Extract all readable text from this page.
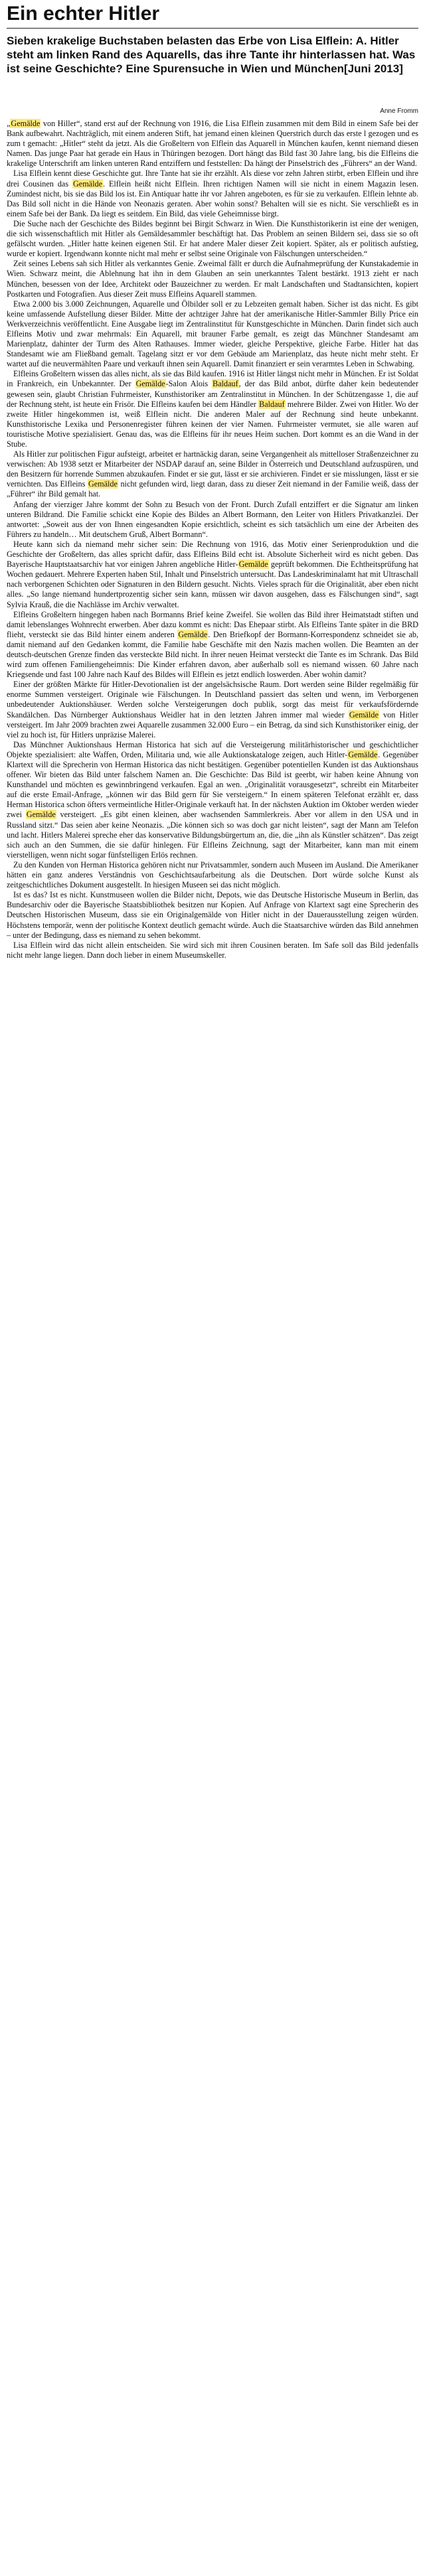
Ein echter Hitler

Sieben krakelige Buchstaben belasten das Erbe von Lisa Elflein: A. Hitler steht am linken Rand des Aquarells, das ihre Tante ihr hinterlassen hat. Was ist seine Geschichte? Eine Spurensuche in Wien und München[Juni 2013]

Anne Fromm

„Gemälde von Hiller“, stand erst auf der Rechnung von 1916, die Lisa Elflein zusammen mit dem Bild in einem Safe bei der Bank aufbewahrt. Nachträglich, mit einem anderen Stift, hat jemand einen kleinen Querstrich durch das erste l gezogen und es zum t gemacht: „Hitler“ steht da jetzt. Als die Großeltern von Elflein das Aquarell in München kaufen, kennt niemand diesen Namen. Das junge Paar hat gerade ein Haus in Thüringen bezogen. Dort hängt das Bild fast 30 Jahre lang, bis die Elfleins die krakelige Unterschrift am linken unteren Rand entziffern und feststellen: Da hängt der Pinselstrich des „Führers“ an der Wand.

Lisa Elflein kennt diese Geschichte gut. Ihre Tante hat sie ihr erzählt. Als diese vor zehn Jahren stirbt, erben Elflein und ihre drei Cousinen das Gemälde. Elflein heißt nicht Elflein. Ihren richtigen Namen will sie nicht in einem Magazin lesen. Zumindest nicht, bis sie das Bild los ist. Ein Antiquar hatte ihr vor Jahren angeboten, es für sie zu verkaufen. Elflein lehnte ab. Das Bild soll nicht in die Hände von Neonazis geraten. Aber wohin sonst? Behalten will sie es nicht. Sie verschließt es in einem Safe bei der Bank. Da liegt es seitdem. Ein Bild, das viele Geheimnisse birgt.

Die Suche nach der Geschichte des Bildes beginnt bei Birgit Schwarz in Wien. Die Kunsthistorikerin ist eine der wenigen, die sich wissenschaftlich mit Hitler als Gemäldesammler beschäftigt hat. Das Problem an seinen Bildern sei, dass sie so oft gefälscht wurden. „Hitler hatte keinen eigenen Stil. Er hat andere Maler dieser Zeit kopiert. Später, als er politisch aufstieg, wurde er kopiert. Irgendwann konnte nicht mal mehr er selbst seine Originale von Fälschungen unterscheiden.“

Zeit seines Lebens sah sich Hitler als verkanntes Genie. Zweimal fällt er durch die Aufnahmeprüfung der Kunstakademie in Wien. Schwarz meint, die Ablehnung hat ihn in dem Glauben an sein unerkanntes Talent bestärkt. 1913 zieht er nach München, besessen von der Idee, Architekt oder Bauzeichner zu werden. Er malt Landschaften und Stadtansichten, kopiert Postkarten und Fotografien. Aus dieser Zeit muss Elfleins Aquarell stammen.

Etwa 2.000 bis 3.000 Zeichnungen, Aquarelle und Ölbilder soll er zu Lebzeiten gemalt haben. Sicher ist das nicht. Es gibt keine umfassende Aufstellung dieser Bilder. Mitte der achtziger Jahre hat der amerikanische Hitler-Sammler Billy Price ein Werkverzeichnis veröffentlicht. Eine Ausgabe liegt im Zentralinstitut für Kunstgeschichte in München. Darin findet sich auch Elfleins Motiv und zwar mehrmals: Ein Aquarell, mit brauner Farbe gemalt, es zeigt das Münchner Standesamt am Marienplatz, dahinter der Turm des Alten Rathauses. Immer wieder, gleiche Perspektive, gleiche Farbe. Hitler hat das Standesamt wie am Fließband gemalt. Tagelang sitzt er vor dem Gebäude am Marienplatz, das heute nicht mehr steht. Er wartet auf die neuvermählten Paare und verkauft ihnen sein Aquarell. Damit finanziert er sein verarmtes Leben in Schwabing.

Elfleins Großeltern wissen das alles nicht, als sie das Bild kaufen. 1916 ist Hitler längst nicht mehr in München. Er ist Soldat in Frankreich, ein Unbekannter. Der Gemälde-Salon Alois Baldauf, der das Bild anbot, dürfte daher kein bedeutender gewesen sein, glaubt Christian Fuhrmeister, Kunsthistoriker am Zentralinstitut in München. In der Schützengasse 1, die auf der Rechnung steht, ist heute ein Frisör. Die Elfleins kaufen bei dem Händler Baldauf mehrere Bilder. Zwei von Hitler. Wo der zweite Hitler hingekommen ist, weiß Elflein nicht. Die anderen Maler auf der Rechnung sind heute unbekannt. Kunsthistorische Lexika und Personenregister führen keinen der vier Namen. Fuhrmeister vermutet, sie alle waren auf touristische Motive spezialisiert. Genau das, was die Elfleins für ihr neues Heim suchen. Dort kommt es an die Wand in der Stube.

Als Hitler zur politischen Figur aufsteigt, arbeitet er hartnäckig daran, seine Vergangenheit als mittelloser Straßenzeichner zu verwischen: Ab 1938 setzt er Mitarbeiter der NSDAP darauf an, seine Bilder in Österreich und Deutschland aufzuspüren, und den Besitzern für horrende Summen abzukaufen. Findet er sie gut, lässt er sie archivieren. Findet er sie misslungen, lässt er sie vernichten. Das Elfleins Gemälde nicht gefunden wird, liegt daran, dass zu dieser Zeit niemand in der Familie weiß, dass der „Führer“ ihr Bild gemalt hat.

Anfang der vierziger Jahre kommt der Sohn zu Besuch von der Front. Durch Zufall entziffert er die Signatur am linken unteren Bildrand. Die Familie schickt eine Kopie des Bildes an Albert Bormann, den Leiter von Hitlers Privatkanzlei. Der antwortet: „Soweit aus der von Ihnen eingesandten Kopie ersichtlich, scheint es sich tatsächlich um eine der Arbeiten des Führers zu handeln… Mit deutschem Gruß, Albert Bormann“.

Heute kann sich da niemand mehr sicher sein: Die Rechnung von 1916, das Motiv einer Serienproduktion und die Geschichte der Großeltern, das alles spricht dafür, dass Elfleins Bild echt ist. Absolute Sicherheit wird es nicht geben. Das Bayerische Hauptstaatsarchiv hat vor einigen Jahren angebliche Hitler-Gemälde geprüft bekommen. Die Echtheitsprüfung hat Wochen gedauert. Mehrere Experten haben Stil, Inhalt und Pinselstrich untersucht. Das Landeskriminalamt hat mit Ultraschall nach verborgenen Schichten oder Signaturen in den Bildern gesucht. Nichts. Vieles sprach für die Originalität, aber eben nicht alles. „So lange niemand hundertprozentig sicher sein kann, müssen wir davon ausgehen, dass es Fälschungen sind“, sagt Sylvia Krauß, die die Nachlässe im Archiv verwaltet.

Elfleins Großeltern hingegen haben nach Bormanns Brief keine Zweifel. Sie wollen das Bild ihrer Heimatstadt stiften und damit lebenslanges Wohnrecht erwerben. Aber dazu kommt es nicht: Das Ehepaar stirbt. Als Elfleins Tante später in die BRD flieht, versteckt sie das Bild hinter einem anderen Gemälde. Den Briefkopf der Bormann-Korrespondenz schneidet sie ab, damit niemand auf den Gedanken kommt, die Familie habe Geschäfte mit den Nazis machen wollen. Die Beamten an der deutsch-deutschen Grenze finden das versteckte Bild nicht. In ihrer neuen Heimat versteckt die Tante es im Schrank. Das Bild wird zum offenen Familiengeheimnis: Die Kinder erfahren davon, aber außerhalb soll es niemand wissen. 60 Jahre nach Kriegsende und fast 100 Jahre nach Kauf des Bildes will Elflein es jetzt endlich loswerden. Aber wohin damit?

Einer der größten Märkte für Hitler-Devotionalien ist der angelsächsische Raum. Dort werden seine Bilder regelmäßig für enorme Summen versteigert. Originale wie Fälschungen. In Deutschland passiert das selten und wenn, im Verborgenen unbedeutender Auktionshäuser. Werden solche Versteigerungen doch publik, sorgt das meist für verkaufsfördernde Skandälchen. Das Nürnberger Auktionshaus Weidler hat in den letzten Jahren immer mal wieder Gemälde von Hitler versteigert. Im Jahr 2009 brachten zwei Aquarelle zusammen 32.000 Euro – ein Betrag, da sind sich Kunsthistoriker einig, der viel zu hoch ist, für Hitlers unpräzise Malerei.

Das Münchner Auktionshaus Herman Historica hat sich auf die Versteigerung militärhistorischer und geschichtlicher Objekte spezialisiert: alte Waffen, Orden, Militaria und, wie alle Auktionskataloge zeigen, auch Hitler-Gemälde. Gegenüber Klartext will die Sprecherin von Herman Historica das nicht bestätigen. Gegenüber potentiellen Kunden ist das Auktionshaus offener. Wir bieten das Bild unter falschem Namen an. Die Geschichte: Das Bild ist geerbt, wir haben keine Ahnung von Kunsthandel und möchten es gewinnbringend verkaufen. Egal an wen. „Originalität vorausgesetzt“, schreibt ein Mitarbeiter auf die erste Email-Anfrage, „können wir das Bild gern für Sie versteigern.“ In einem späteren Telefonat erzählt er, dass Herman Historica schon öfters vermeintliche Hitler-Originale verkauft hat. In der nächsten Auktion im Oktober werden wieder zwei Gemälde versteigert. „Es gibt einen kleinen, aber wachsenden Sammlerkreis. Aber vor allem in den USA und in Russland sitzt.“ Das seien aber keine Neonazis. „Die können sich so was doch gar nicht leisten“, sagt der Mann am Telefon und lacht. Hitlers Malerei spreche eher das konservative Bildungsbürgertum an, die, die „ihn als Künstler schätzen“. Das zeigt sich auch an den Summen, die sie dafür hinlegen. Für Elfleins Zeichnung, sagt der Mitarbeiter, kann man mit einem vierstelligen, wenn nicht sogar fünfstelligen Erlös rechnen.

Zu den Kunden von Herman Historica gehören nicht nur Privatsammler, sondern auch Museen im Ausland. Die Amerikaner hätten ein ganz anderes Verständnis von Geschichtsaufarbeitung als die Deutschen. Dort würde solche Kunst als zeitgeschichtliches Dokument ausgestellt. In hiesigen Museen sei das nicht möglich.

Ist es das? Ist es nicht. Kunstmuseen wollen die Bilder nicht, Depots, wie das Deutsche Historische Museum in Berlin, das Bundesarchiv oder die Bayerische Staatsbibliothek besitzen nur Kopien. Auf Anfrage von Klartext sagt eine Sprecherin des Deutschen Historischen Museum, dass sie ein Originalgemälde von Hitler nicht in der Dauerausstellung zeigen würden. Höchstens temporär, wenn der politische Kontext deutlich gemacht würde. Auch die Staatsarchive würden das Bild annehmen – unter der Bedingung, dass es niemand zu sehen bekommt.

Lisa Elflein wird das nicht allein entscheiden. Sie wird sich mit ihren Cousinen beraten. Im Safe soll das Bild jedenfalls nicht mehr lange liegen. Dann doch lieber in einem Museumskeller.
